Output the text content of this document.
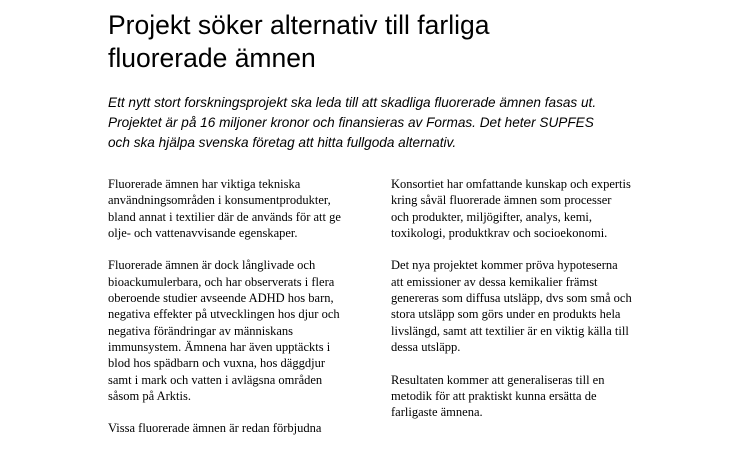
Projekt söker alternativ till farliga
fluorerade ämnen

Ett nytt stort forskningsprojekt ska leda till att skadliga fluorerade ämnen fasas ut.
Projektet är på 16 miljoner kronor och finansieras av Formas. Det heter SUPFES
och ska hjälpa svenska företag att hitta fullgoda alternativ.

Fluorerade ämnen har viktiga tekniska
användningsområden i konsumentprodukter,
bland annat i textilier där de används för att ge
olje- och vattenavvisande egenskaper.

Fluorerade ämnen är dock långlivade och
bioackumulerbara, och har observerats i flera
oberoende studier avseende ADHD hos barn,
negativa effekter på utvecklingen hos djur och
negativa förändringar av människans
immunsystem. Ämnena har även upptäckts i
blod hos spädbarn och vuxna, hos däggdjur
samt i mark och vatten i avlägsna områden
såsom på Arktis.

Vissa fluorerade ämnen är redan förbjudna

Konsortiet har omfattande kunskap och expertis
kring såväl fluorerade ämnen som processer
och produkter, miljögifter, analys, kemi,
toxikologi, produktkrav och socioekonomi.

Det nya projektet kommer pröva hypoteserna
att emissioner av dessa kemikalier främst
genereras som diffusa utsläpp, dvs som små och
stora utsläpp som görs under en produkts hela
livslängd, samt att textilier är en viktig källa till
dessa utsläpp.

Resultaten kommer att generaliseras till en
metodik för att praktiskt kunna ersätta de
farligaste ämnena.
